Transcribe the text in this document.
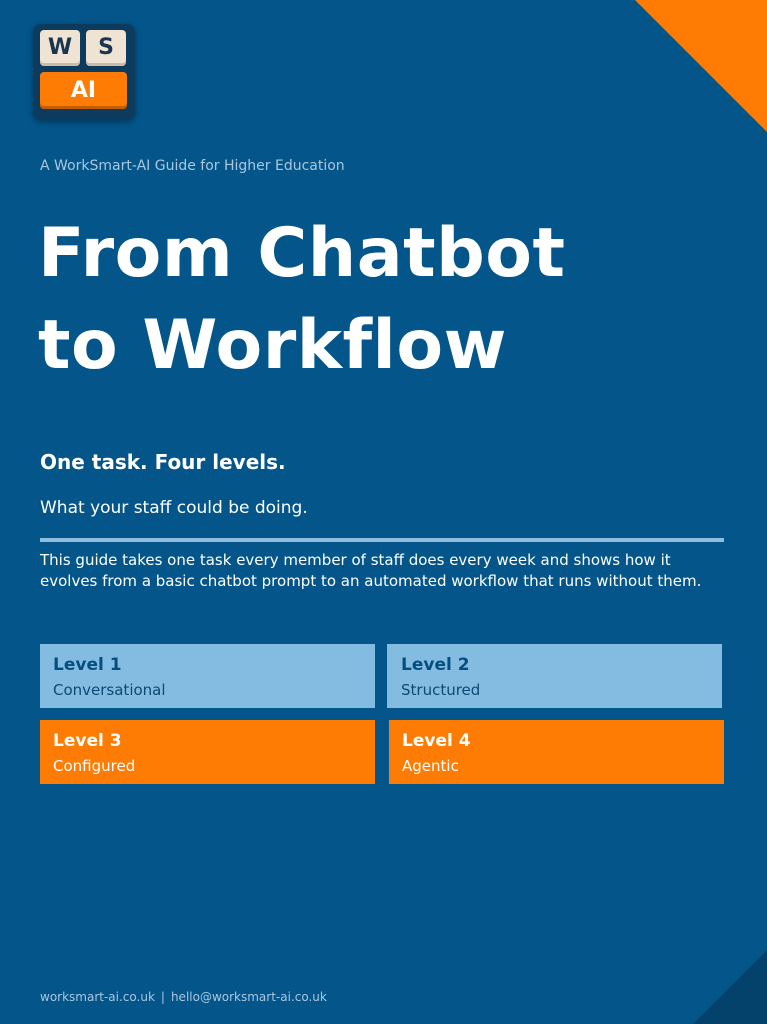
W	S
AI
A WorkSmart-AI Guide for Higher Education
From Chatbot
to Workflow
One task. Four levels.
What your staff could be doing.
This guide takes one task every member of staff does every week and shows how it evolves from a basic chatbot prompt to an automated workflow that runs without them.
Level 1
Conversational
Level 2
Structured
Level 3
Configured
Level 4
Agentic
worksmart-ai.co.uk | hello@worksmart-ai.co.uk
